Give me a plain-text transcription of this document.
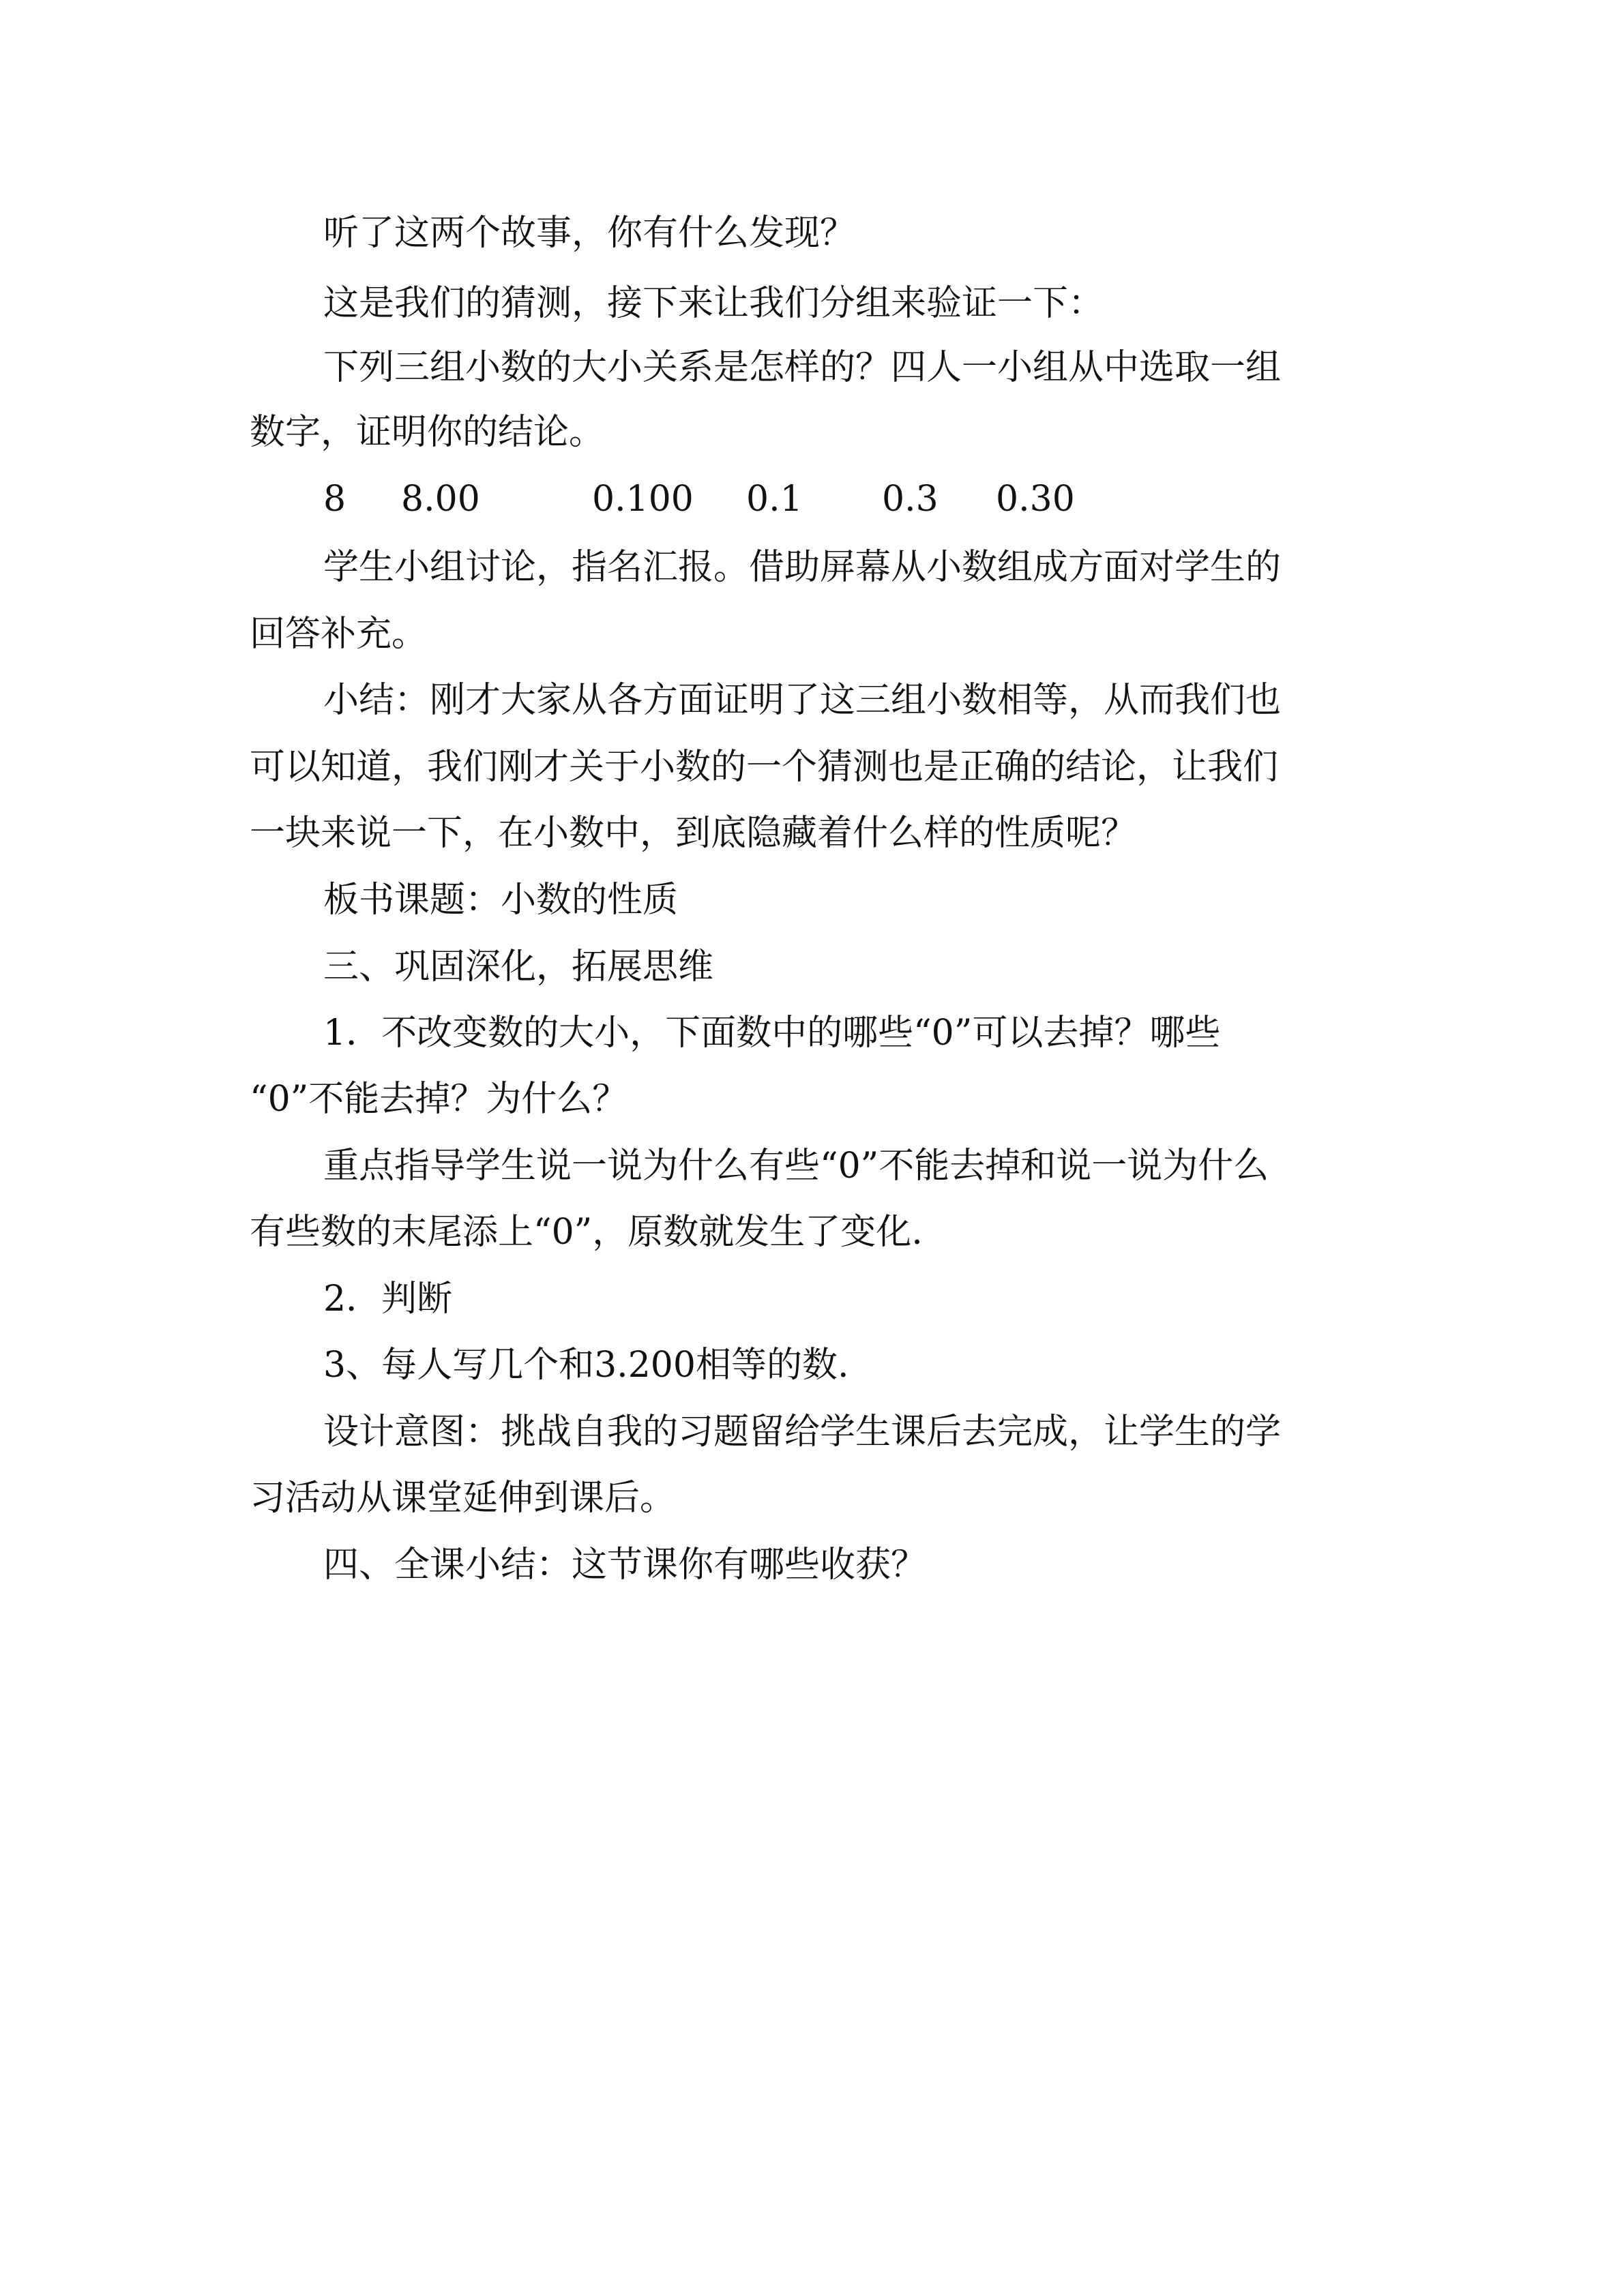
听了这两个故事，你有什么发现？
这是我们的猜测，接下来让我们分组来验证一下：
下列三组小数的大小关系是怎样的？四人一小组从中选取一组
数字，证明你的结论。
8 8.00	0.100 0.1 0.3 0.30
学生小组讨论，指名汇报。借助屏幕从小数组成方面对学生的
回答补充。
小结：刚才大家从各方面证明了这三组小数相等，从而我们也
可以知道，我们刚才关于小数的一个猜测也是正确的结论，让我们
一块来说一下，在小数中，到底隐藏着什么样的性质呢？
板书课题：小数的性质
三、巩固深化，拓展思维
1．不改变数的大小，下面数中的哪些“0”可以去掉？哪些
“0”不能去掉？为什么？
重点指导学生说一说为什么有些“0”不能去掉和说一说为什么
有些数的末尾添上“0”，原数就发生了变化.
2．判断
3、每人写几个和3.200相等的数.
设计意图：挑战自我的习题留给学生课后去完成，让学生的学
习活动从课堂延伸到课后。
四、全课小结：这节课你有哪些收获？
